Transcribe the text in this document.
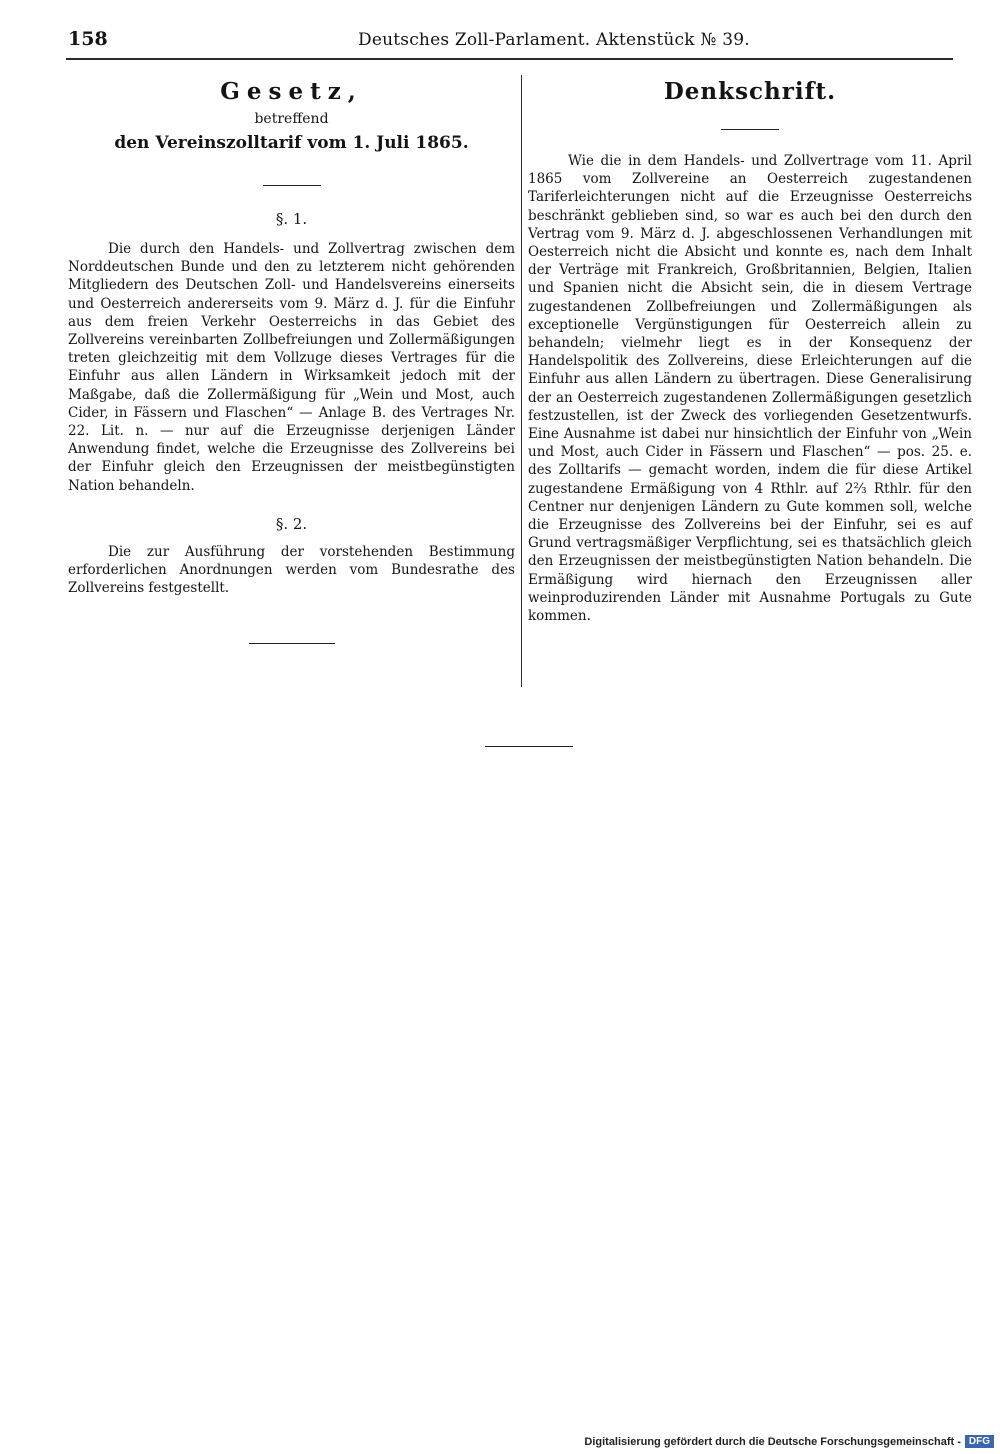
158	Deutsches Zoll-Parlament. Aktenstück № 39.
Gesetz,
betreffend
den Vereinszolltarif vom 1. Juli 1865.
§. 1.

Die durch den Handels- und Zollvertrag zwischen dem Norddeutschen Bunde und den zu letzterem nicht gehörenden Mitgliedern des Deutschen Zoll- und Handelsvereins einerseits und Oesterreich andererseits vom 9. März d. J. für die Einfuhr aus dem freien Verkehr Oesterreichs in das Gebiet des Zollvereins vereinbarten Zollbefreiungen und Zollermäßigungen treten gleichzeitig mit dem Vollzuge dieses Vertrages für die Einfuhr aus allen Ländern in Wirksamkeit jedoch mit der Maßgabe, daß die Zollermäßigung für „Wein und Most, auch Cider, in Fässern und Flaschen“ — Anlage B. des Vertrages Nr. 22. Lit. n. — nur auf die Erzeugnisse derjenigen Länder Anwendung findet, welche die Erzeugnisse des Zollvereins bei der Einfuhr gleich den Erzeugnissen der meistbegünstigten Nation behandeln.

§. 2.

Die zur Ausführung der vorstehenden Bestimmung erforderlichen Anordnungen werden vom Bundesrathe des Zollvereins festgestellt.

Denkschrift.

Wie die in dem Handels- und Zollvertrage vom 11. April 1865 vom Zollvereine an Oesterreich zugestandenen Tariferleichterungen nicht auf die Erzeugnisse Oesterreichs beschränkt geblieben sind, so war es auch bei den durch den Vertrag vom 9. März d. J. abgeschlossenen Verhandlungen mit Oesterreich nicht die Absicht und konnte es, nach dem Inhalt der Verträge mit Frankreich, Großbritannien, Belgien, Italien und Spanien nicht die Absicht sein, die in diesem Vertrage zugestandenen Zollbefreiungen und Zollermäßigungen als exceptionelle Vergünstigungen für Oesterreich allein zu behandeln; vielmehr liegt es in der Konsequenz der Handelspolitik des Zollvereins, diese Erleichterungen auf die Einfuhr aus allen Ländern zu übertragen. Diese Generalisirung der an Oesterreich zugestandenen Zollermäßigungen gesetzlich festzustellen, ist der Zweck des vorliegenden Gesetzentwurfs. Eine Ausnahme ist dabei nur hinsichtlich der Einfuhr von „Wein und Most, auch Cider in Fässern und Flaschen“ — pos. 25. e. des Zolltarifs — gemacht worden, indem die für diese Artikel zugestandene Ermäßigung von 4 Rthlr. auf 2⅔ Rthlr. für den Centner nur denjenigen Ländern zu Gute kommen soll, welche die Erzeugnisse des Zollvereins bei der Einfuhr, sei es auf Grund vertragsmäßiger Verpflichtung, sei es thatsächlich gleich den Erzeugnissen der meistbegünstigten Nation behandeln. Die Ermäßigung wird hiernach den Erzeugnissen aller weinproduzirenden Länder mit Ausnahme Portugals zu Gute kommen.

Digitalisierung gefördert durch die Deutsche Forschungsgemeinschaft - DFG
